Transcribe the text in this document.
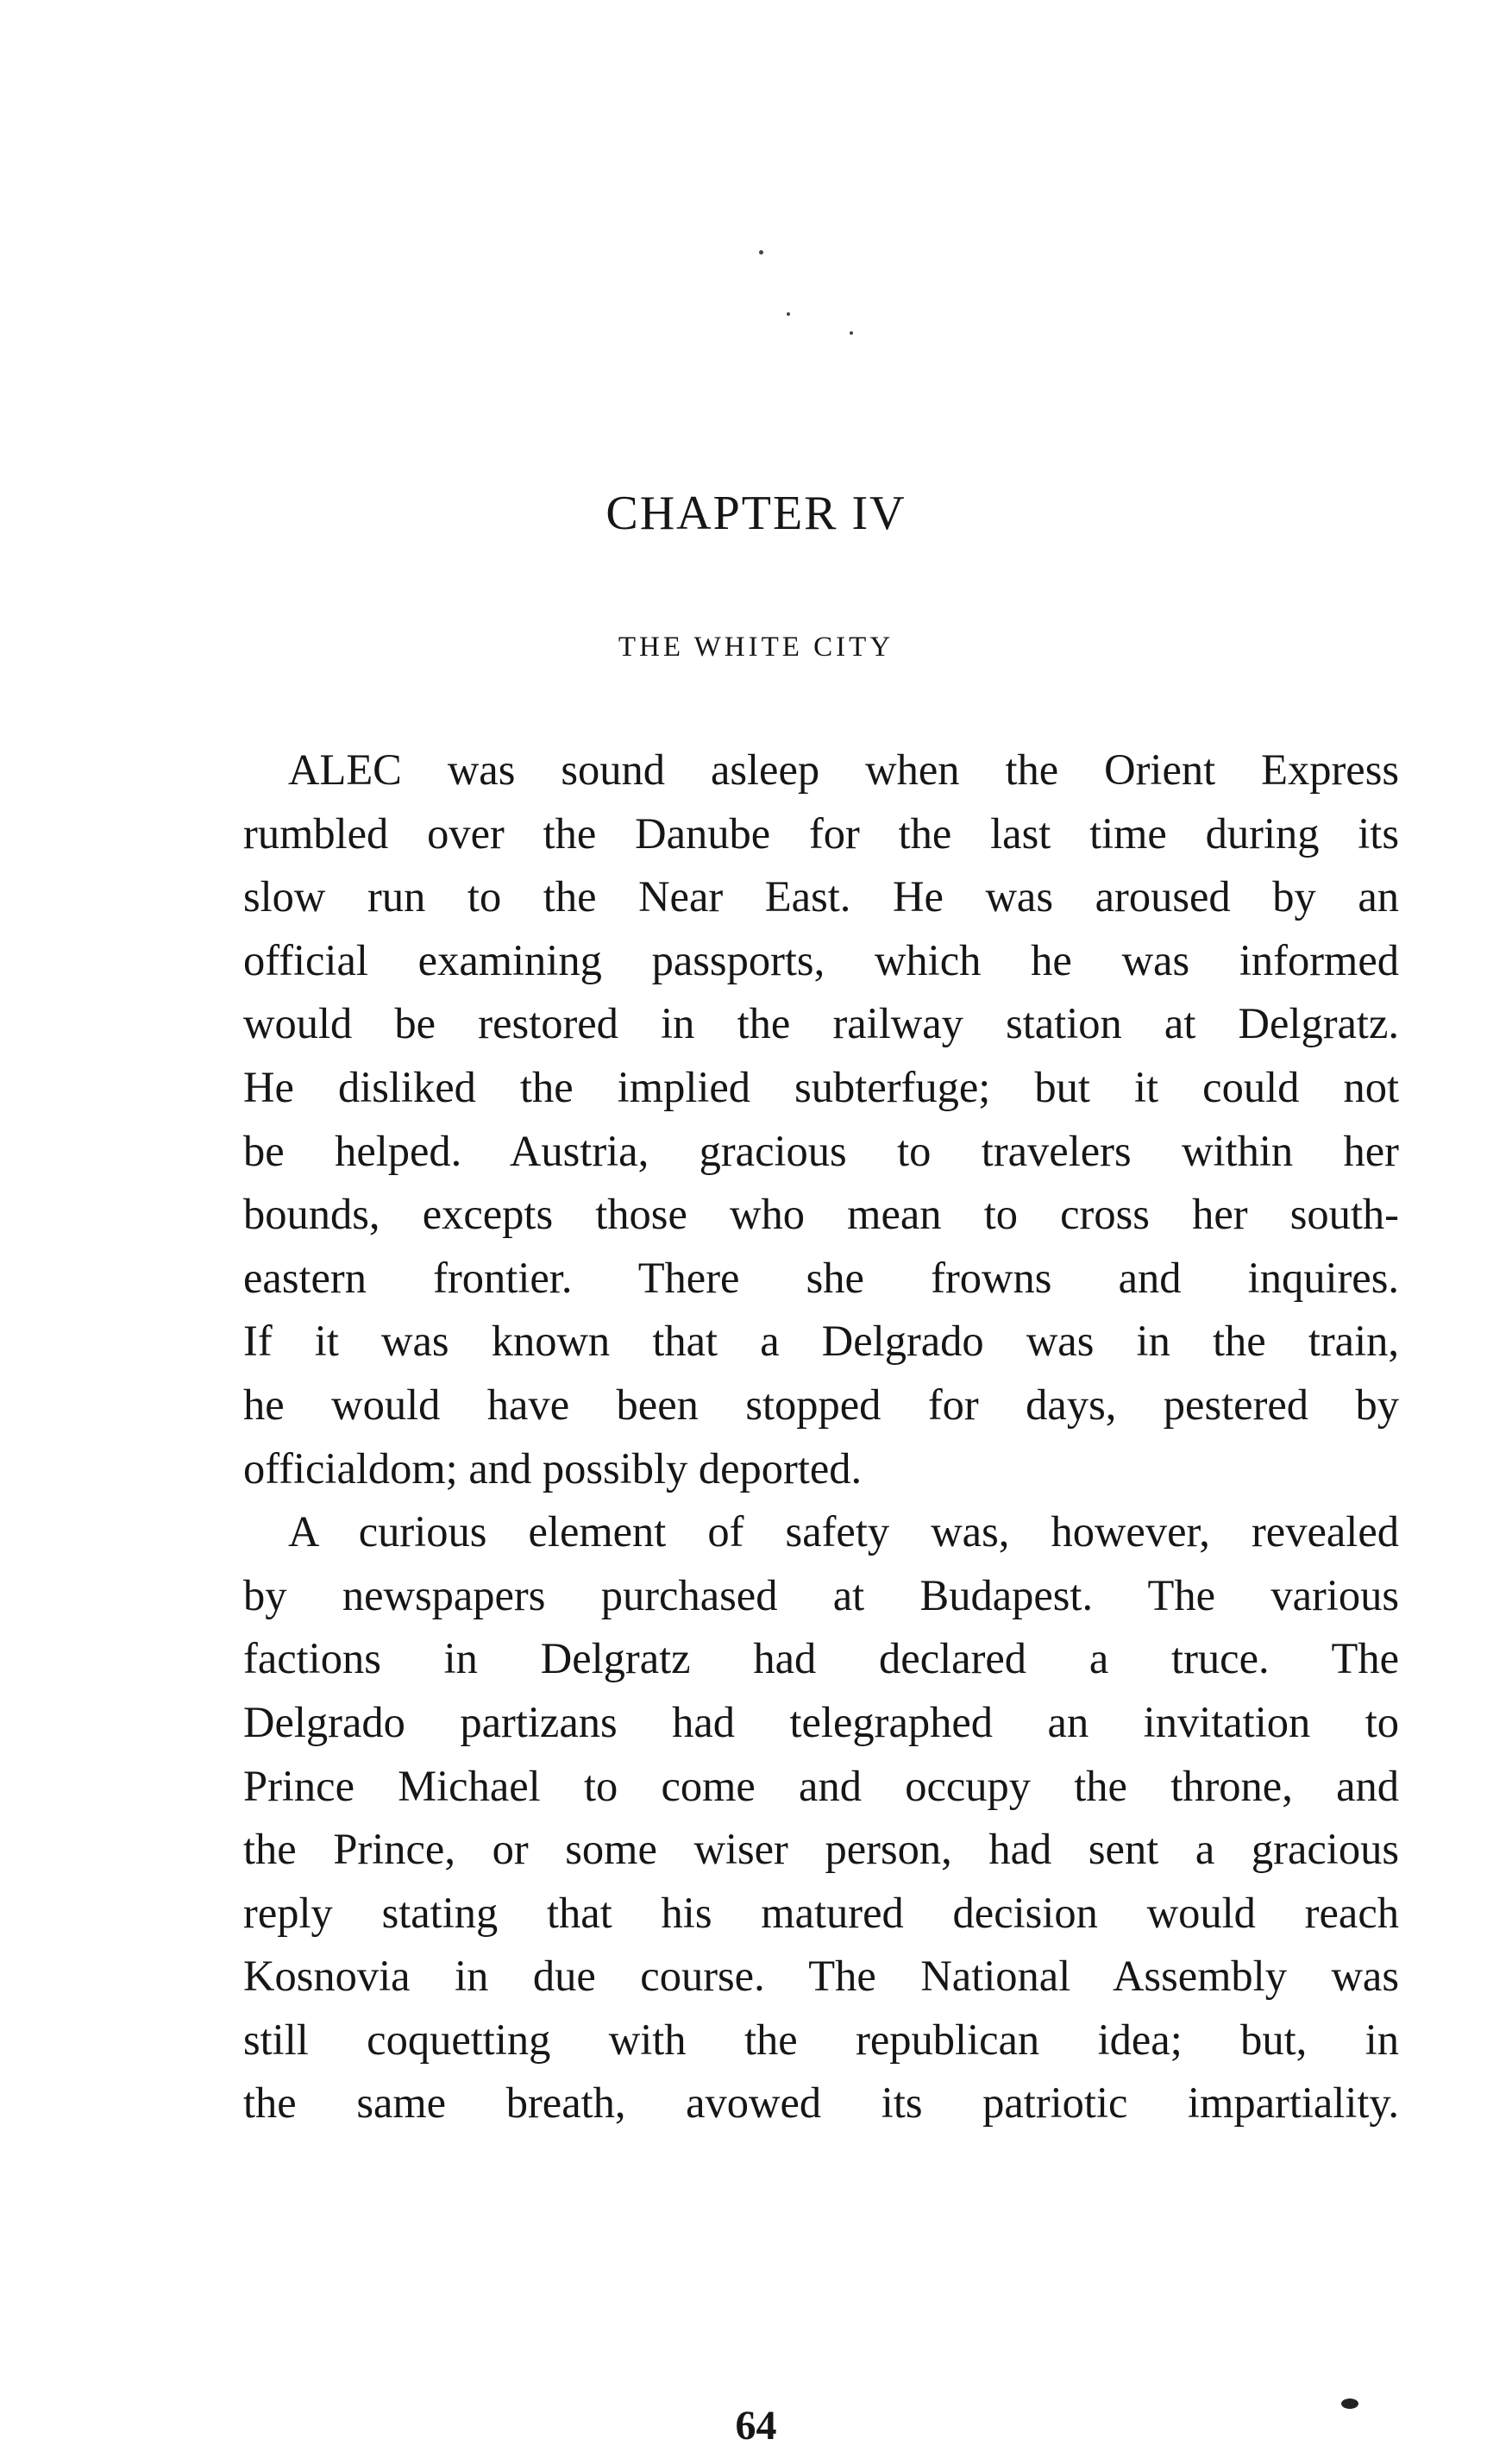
CHAPTER IV
THE WHITE CITY
ALEC was sound asleep when the Orient Express
rumbled over the Danube for the last time during its
slow run to the Near East. He was aroused by an
official examining passports, which he was informed
would be restored in the railway station at Delgratz.
He disliked the implied subterfuge; but it could not
be helped. Austria, gracious to travelers within her
bounds, excepts those who mean to cross her south-
eastern frontier. There she frowns and inquires.
If it was known that a Delgrado was in the train,
he would have been stopped for days, pestered by
officialdom; and possibly deported.
A curious element of safety was, however, revealed
by newspapers purchased at Budapest. The various
factions in Delgratz had declared a truce. The
Delgrado partizans had telegraphed an invitation to
Prince Michael to come and occupy the throne, and
the Prince, or some wiser person, had sent a gracious
reply stating that his matured decision would reach
Kosnovia in due course. The National Assembly was
still coquetting with the republican idea; but, in
the same breath, avowed its patriotic impartiality.
64
